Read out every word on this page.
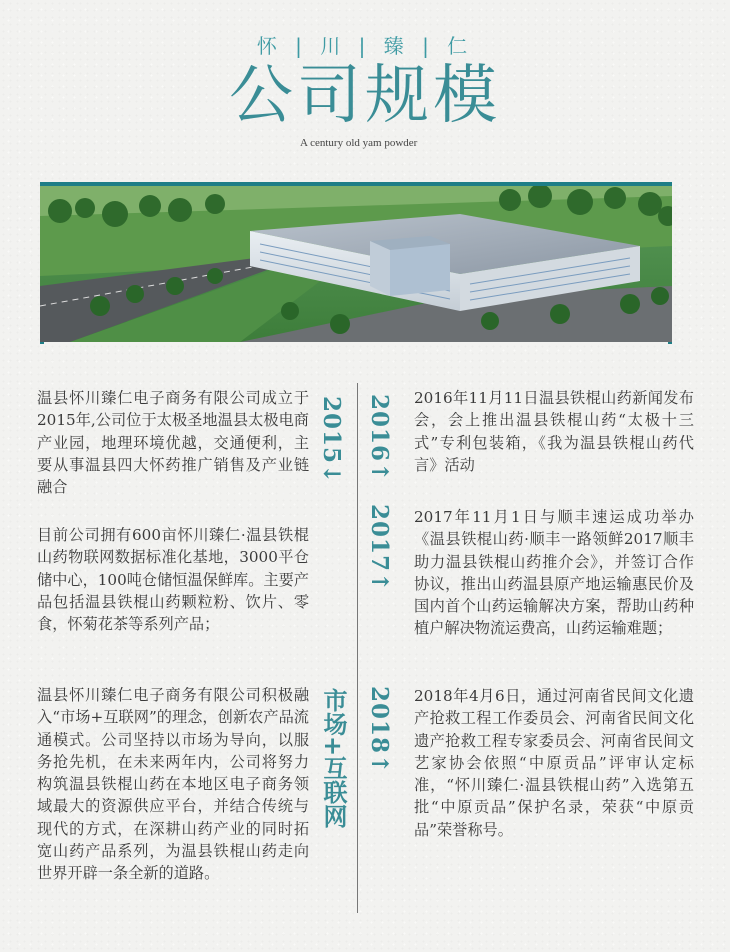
怀 | 川 | 臻 | 仁
公司规模
A century old yam powder
2015↓
市场+互联网
2016↑
2017↑
2018↑

温县怀川臻仁电子商务有限公司成立于2015年,公司位于太极圣地温县太极电商产业园，地理环境优越，交通便利，主要从事温县四大怀药推广销售及产业链融合

目前公司拥有600亩怀川臻仁·温县铁棍山药物联网数据标准化基地，3000平仓储中心，100吨仓储恒温保鲜库。主要产品包括温县铁棍山药颗粒粉、饮片、零食，怀菊花茶等系列产品；

温县怀川臻仁电子商务有限公司积极融入“市场+互联网”的理念，创新农产品流通模式。公司坚持以市场为导向，以服务抢先机，在未来两年内，公司将努力构筑温县铁棍山药在本地区电子商务领域最大的资源供应平台，并结合传统与现代的方式，在深耕山药产业的同时拓宽山药产品系列，为温县铁棍山药走向世界开辟一条全新的道路。

2016年11月11日温县铁棍山药新闻发布会，会上推出温县铁棍山药“太极十三式”专利包装箱，《我为温县铁棍山药代言》活动

2017年11月1日与顺丰速运成功举办《温县铁棍山药·顺丰一路领鲜2017顺丰助力温县铁棍山药推介会》，并签订合作协议，推出山药温县原产地运输惠民价及国内首个山药运输解决方案，帮助山药种植户解决物流运费高，山药运输难题；

2018年4月6日，通过河南省民间文化遗产抢救工程工作委员会、河南省民间文化遗产抢救工程专家委员会、河南省民间文艺家协会依照“中原贡品”评审认定标准，“怀川臻仁·温县铁棍山药”入选第五批“中原贡品”保护名录，荣获“中原贡品”荣誉称号。
